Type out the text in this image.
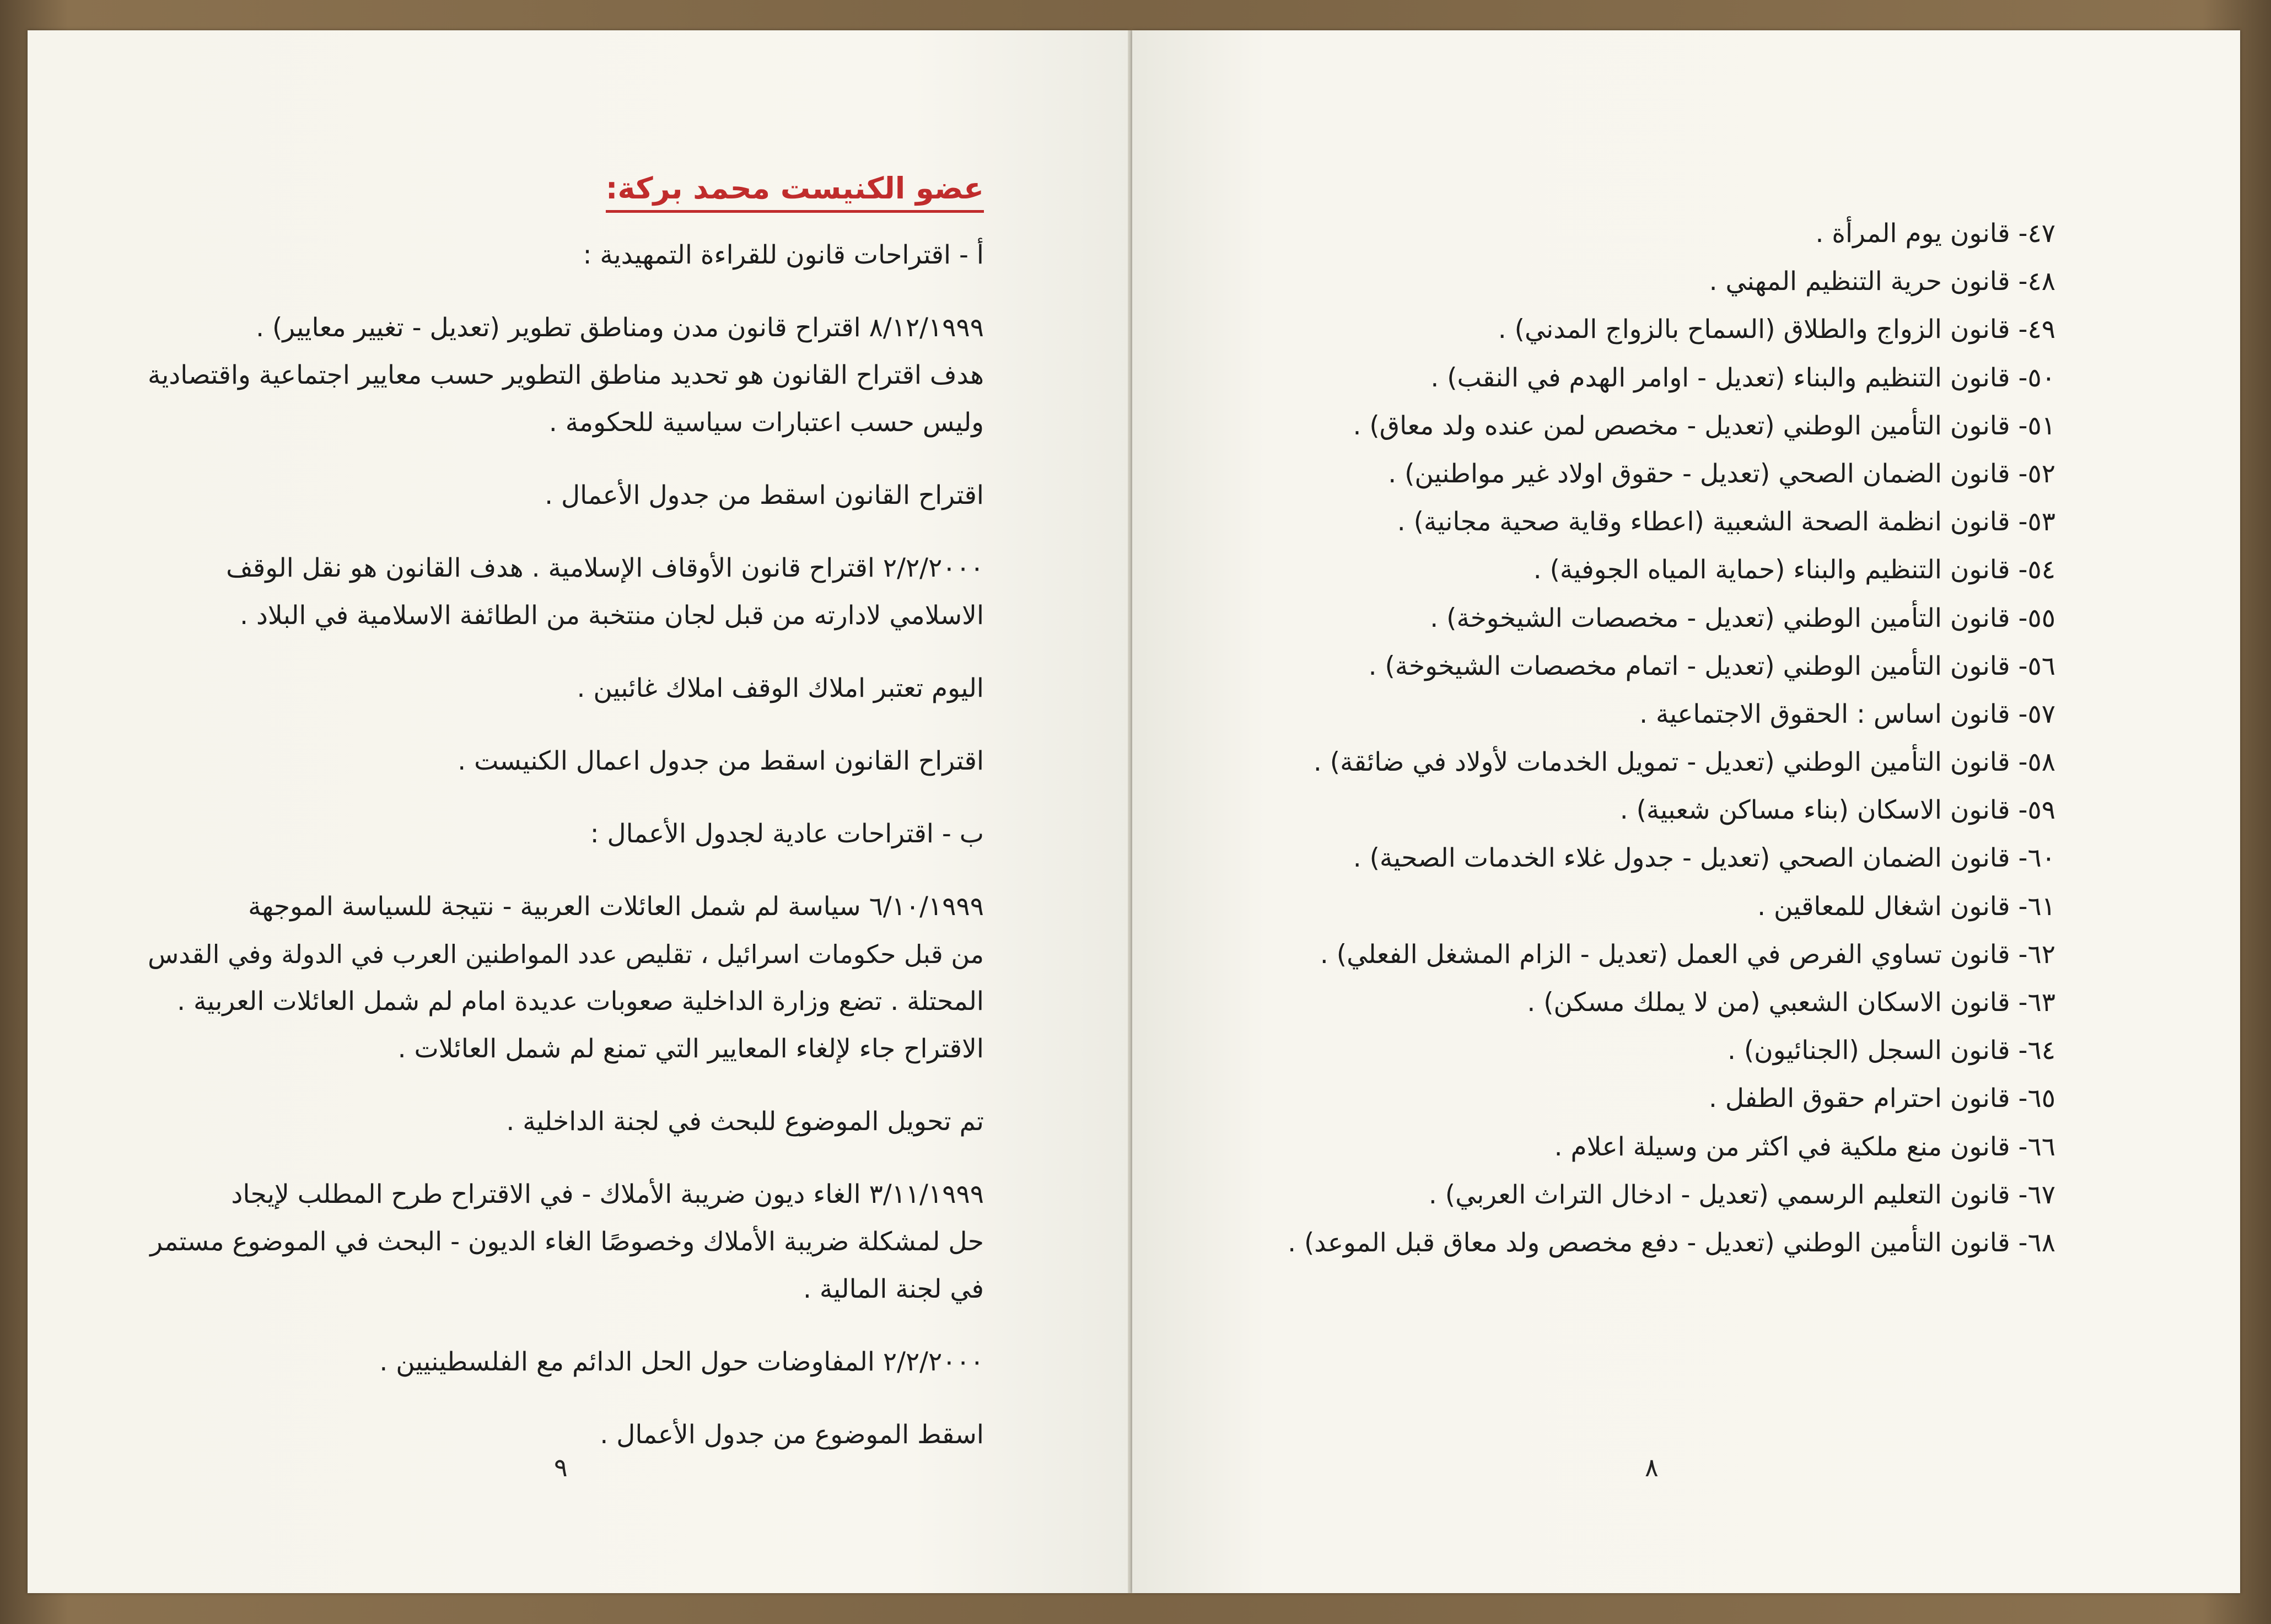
عضو الكنيست محمد بركة:
أ - اقتراحات قانون للقراءة التمهيدية :
٨/١٢/١٩٩٩ اقتراح قانون مدن ومناطق تطوير (تعديل - تغيير معايير) .
هدف اقتراح القانون هو تحديد مناطق التطوير حسب معايير اجتماعية واقتصادية
وليس حسب اعتبارات سياسية للحكومة .
اقتراح القانون اسقط من جدول الأعمال .
٢/٢/٢٠٠٠ اقتراح قانون الأوقاف الإسلامية . هدف القانون هو نقل الوقف
الاسلامي لادارته من قبل لجان منتخبة من الطائفة الاسلامية في البلاد .
اليوم تعتبر املاك الوقف املاك غائبين .
اقتراح القانون اسقط من جدول اعمال الكنيست .
ب - اقتراحات عادية لجدول الأعمال :
٦/١٠/١٩٩٩ سياسة لم شمل العائلات العربية - نتيجة للسياسة الموجهة
من قبل حكومات اسرائيل ، تقليص عدد المواطنين العرب في الدولة وفي القدس
المحتلة . تضع وزارة الداخلية صعوبات عديدة امام لم شمل العائلات العربية .
الاقتراح جاء لإلغاء المعايير التي تمنع لم شمل العائلات .
تم تحويل الموضوع للبحث في لجنة الداخلية .
٣/١١/١٩٩٩ الغاء ديون ضريبة الأملاك - في الاقتراح طرح المطلب لإيجاد
حل لمشكلة ضريبة الأملاك وخصوصًا الغاء الديون - البحث في الموضوع مستمر
في لجنة المالية .
٢/٢/٢٠٠٠ المفاوضات حول الحل الدائم مع الفلسطينيين .
اسقط الموضوع من جدول الأعمال .
٩
٤٧- قانون يوم المرأة .
٤٨- قانون حرية التنظيم المهني .
٤٩- قانون الزواج والطلاق (السماح بالزواج المدني) .
٥٠- قانون التنظيم والبناء (تعديل - اوامر الهدم في النقب) .
٥١- قانون التأمين الوطني (تعديل - مخصص لمن عنده ولد معاق) .
٥٢- قانون الضمان الصحي (تعديل - حقوق اولاد غير مواطنين) .
٥٣- قانون انظمة الصحة الشعبية (اعطاء وقاية صحية مجانية) .
٥٤- قانون التنظيم والبناء (حماية المياه الجوفية) .
٥٥- قانون التأمين الوطني (تعديل - مخصصات الشيخوخة) .
٥٦- قانون التأمين الوطني (تعديل - اتمام مخصصات الشيخوخة) .
٥٧- قانون اساس : الحقوق الاجتماعية .
٥٨- قانون التأمين الوطني (تعديل - تمويل الخدمات لأولاد في ضائقة) .
٥٩- قانون الاسكان (بناء مساكن شعبية) .
٦٠- قانون الضمان الصحي (تعديل - جدول غلاء الخدمات الصحية) .
٦١- قانون اشغال للمعاقين .
٦٢- قانون تساوي الفرص في العمل (تعديل - الزام المشغل الفعلي) .
٦٣- قانون الاسكان الشعبي (من لا يملك مسكن) .
٦٤- قانون السجل (الجنائيون) .
٦٥- قانون احترام حقوق الطفل .
٦٦- قانون منع ملكية في اكثر من وسيلة اعلام .
٦٧- قانون التعليم الرسمي (تعديل - ادخال التراث العربي) .
٦٨- قانون التأمين الوطني (تعديل - دفع مخصص ولد معاق قبل الموعد) .
٨
